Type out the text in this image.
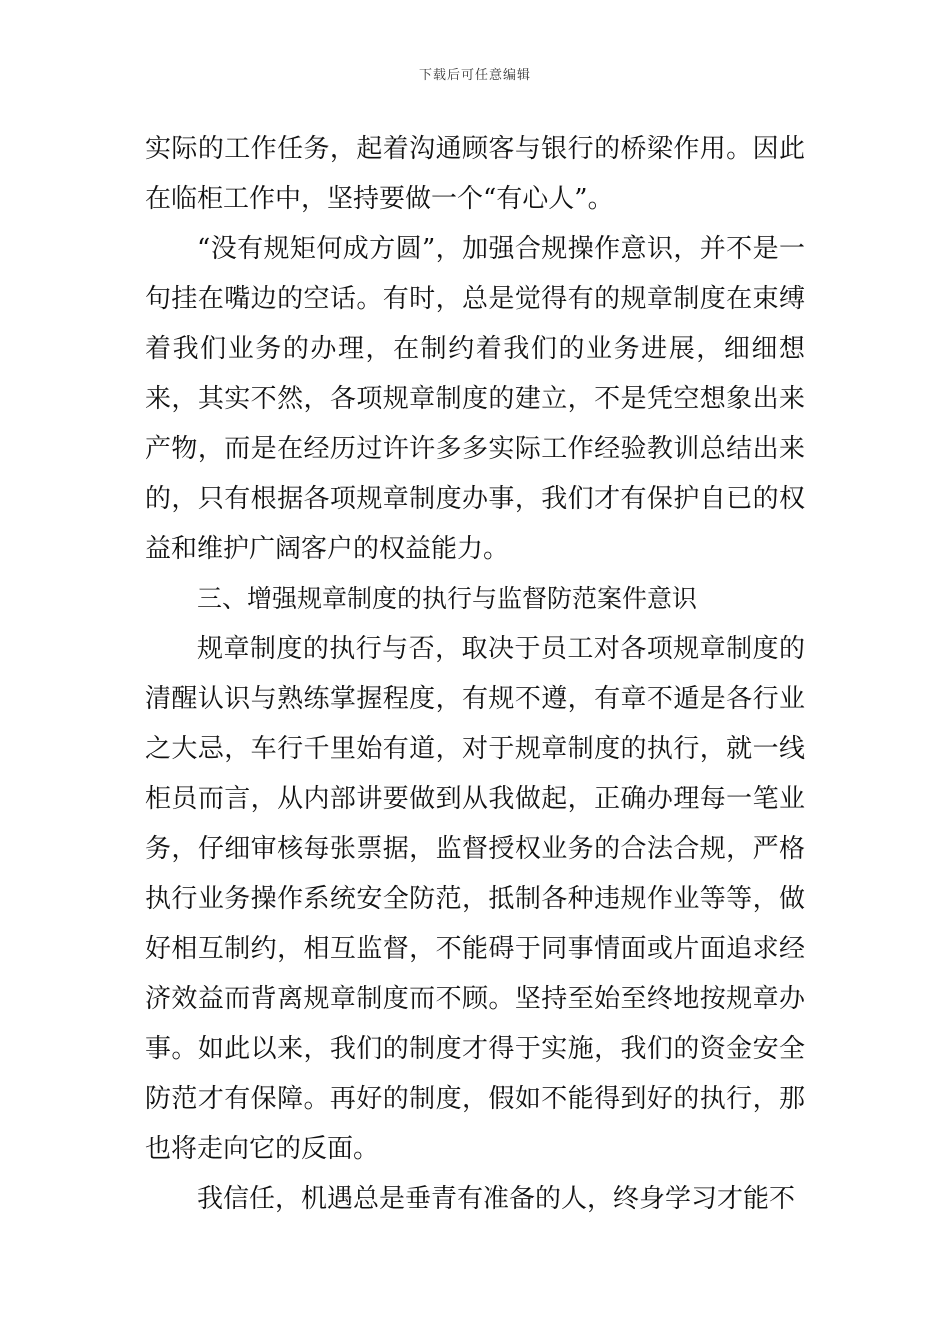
下载后可任意编辑

实际的工作任务，起着沟通顾客与银行的桥梁作用。因此在临柜工作中，坚持要做一个“有心人”。

“没有规矩何成方圆”，加强合规操作意识，并不是一句挂在嘴边的空话。有时，总是觉得有的规章制度在束缚着我们业务的办理，在制约着我们的业务进展，细细想来，其实不然，各项规章制度的建立，不是凭空想象出来产物，而是在经历过许许多多实际工作经验教训总结出来的，只有根据各项规章制度办事，我们才有保护自已的权益和维护广阔客户的权益能力。

三、增强规章制度的执行与监督防范案件意识

规章制度的执行与否，取决于员工对各项规章制度的清醒认识与熟练掌握程度，有规不遵，有章不遁是各行业之大忌，车行千里始有道，对于规章制度的执行，就一线柜员而言，从内部讲要做到从我做起，正确办理每一笔业务，仔细审核每张票据，监督授权业务的合法合规，严格执行业务操作系统安全防范，抵制各种违规作业等等，做好相互制约，相互监督，不能碍于同事情面或片面追求经济效益而背离规章制度而不顾。坚持至始至终地按规章办事。如此以来，我们的制度才得于实施，我们的资金安全防范才有保障。再好的制度，假如不能得到好的执行，那也将走向它的反面。

我信任，机遇总是垂青有准备的人，终身学习才能不
